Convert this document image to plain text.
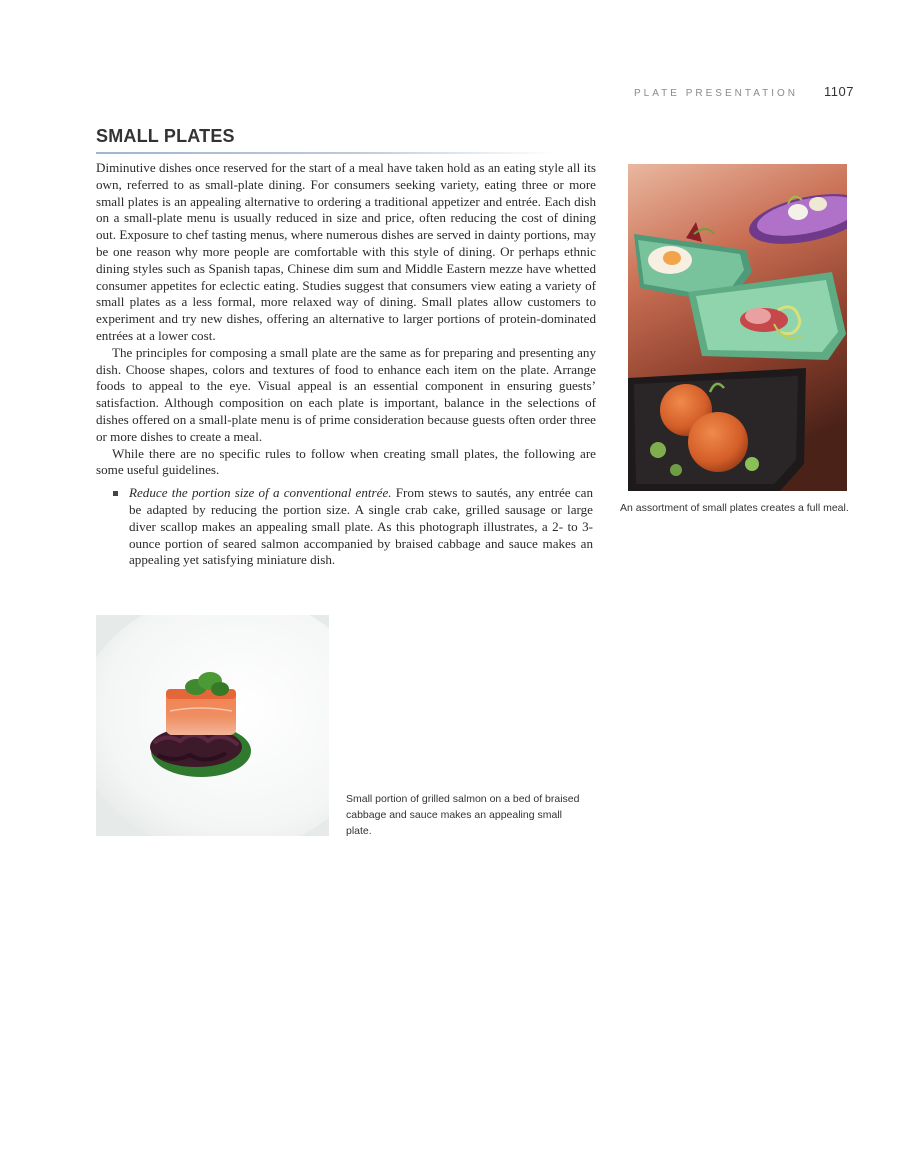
PLATE PRESENTATION 1107
SMALL PLATES

Diminutive dishes once reserved for the start of a meal have taken hold as an eating style all its own, referred to as small-plate dining. For consumers seeking variety, eating three or more small plates is an appealing alternative to ordering a traditional appetizer and entrée. Each dish on a small-plate menu is usually reduced in size and price, often reducing the cost of dining out. Exposure to chef tasting menus, where numerous dishes are served in dainty portions, may be one reason why more people are comfortable with this style of dining. Or perhaps ethnic dining styles such as Spanish tapas, Chinese dim sum and Middle Eastern mezze have whetted consumer appetites for eclectic eating. Studies suggest that consumers view eating a variety of small plates as a less formal, more relaxed way of dining. Small plates allow customers to experiment and try new dishes, offering an alternative to larger portions of protein-dominated entrées at a lower cost.

The principles for composing a small plate are the same as for preparing and presenting any dish. Choose shapes, colors and textures of food to enhance each item on the plate. Arrange foods to appeal to the eye. Visual appeal is an essential component in ensuring guests’ satisfaction. Although composition on each plate is important, balance in the selections of dishes offered on a small-plate menu is of prime consideration because guests often order three or more dishes to create a meal.

While there are no specific rules to follow when creating small plates, the following are some useful guidelines.

Reduce the portion size of a conventional entrée. From stews to sautés, any entrée can be adapted by reducing the portion size. A single crab cake, grilled sausage or large diver scallop makes an appealing small plate. As this photograph illustrates, a 2- to 3-ounce portion of seared salmon accompanied by braised cabbage and sauce makes an appealing yet satisfying miniature dish.
An assortment of small plates creates a full meal.
Small portion of grilled salmon on a bed of braised cabbage and sauce makes an appealing small plate.
